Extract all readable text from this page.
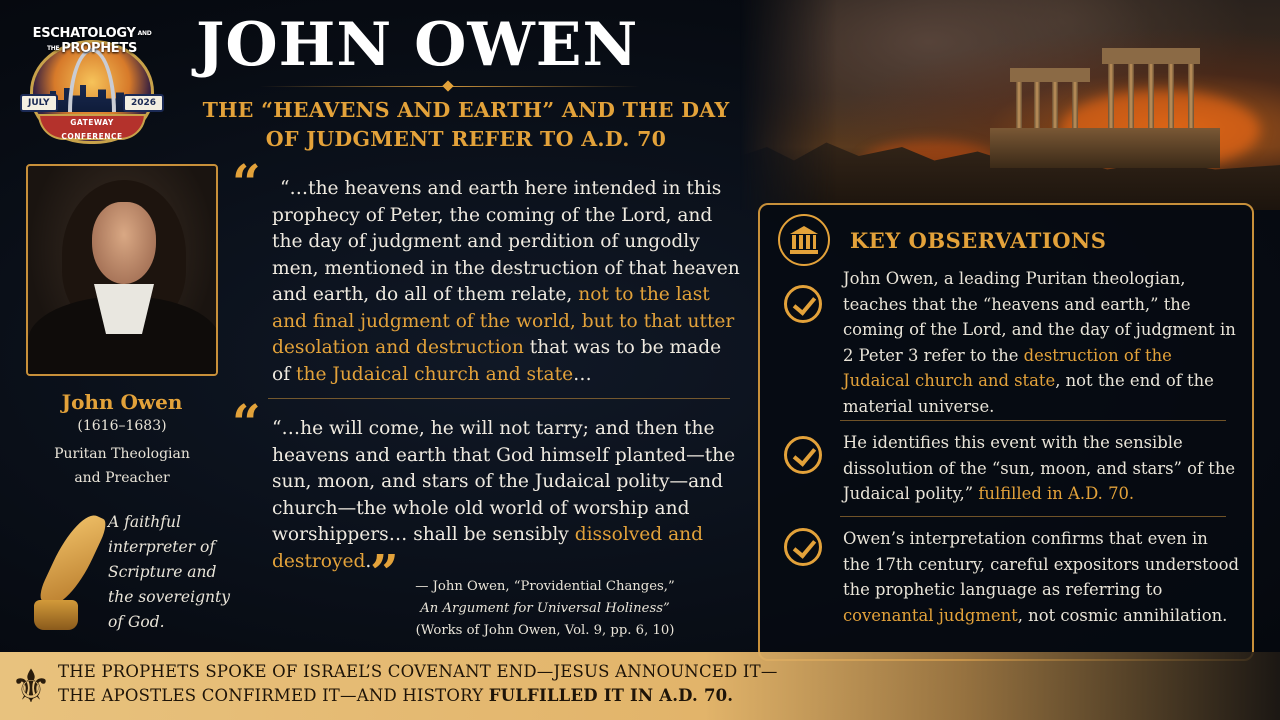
ESCHATOLOGY AND THE PROPHETS
JULY	2026
GATEWAY CONFERENCE
JOHN OWEN
THE “HEAVENS AND EARTH” AND THE DAY OF JUDGMENT REFER TO A.D. 70
John Owen
(1616–1683)
Puritan Theologian
and Preacher
A faithful interpreter of Scripture and the sovereignty of God.
“	“…the heavens and earth here intended in this prophecy of Peter, the coming of the Lord, and the day of judgment and perdition of ungodly men, mentioned in the destruction of that heaven and earth, do all of them relate, not to the last and final judgment of the world, but to that utter desolation and destruction that was to be made of the Judaical church and state…
“ “…he will come, he will not tarry; and then the heavens and earth that God himself planted—the sun, moon, and stars of the Judaical polity—and church—the whole old world of worship and worshippers… shall be sensibly dissolved and destroyed.
”	— John Owen, “Providential Changes,”
An Argument for Universal Holiness”
(Works of John Owen, Vol. 9, pp. 6, 10)
KEY OBSERVATIONS
John Owen, a leading Puritan theologian, teaches that the “heavens and earth,” the coming of the Lord, and the day of judgment in 2 Peter 3 refer to the destruction of the Judaical church and state, not the end of the material universe.
He identifies this event with the sensible dissolution of the “sun, moon, and stars” of the Judaical polity,” fulfilled in A.D. 70.
Owen’s interpretation confirms that even in the 17th century, careful expositors understood the prophetic language as referring to covenantal judgment, not cosmic annihilation.
⚜ THE PROPHETS SPOKE OF ISRAEL’S COVENANT END—JESUS ANNOUNCED IT—
THE APOSTLES CONFIRMED IT—AND HISTORY FULFILLED IT IN A.D. 70.
